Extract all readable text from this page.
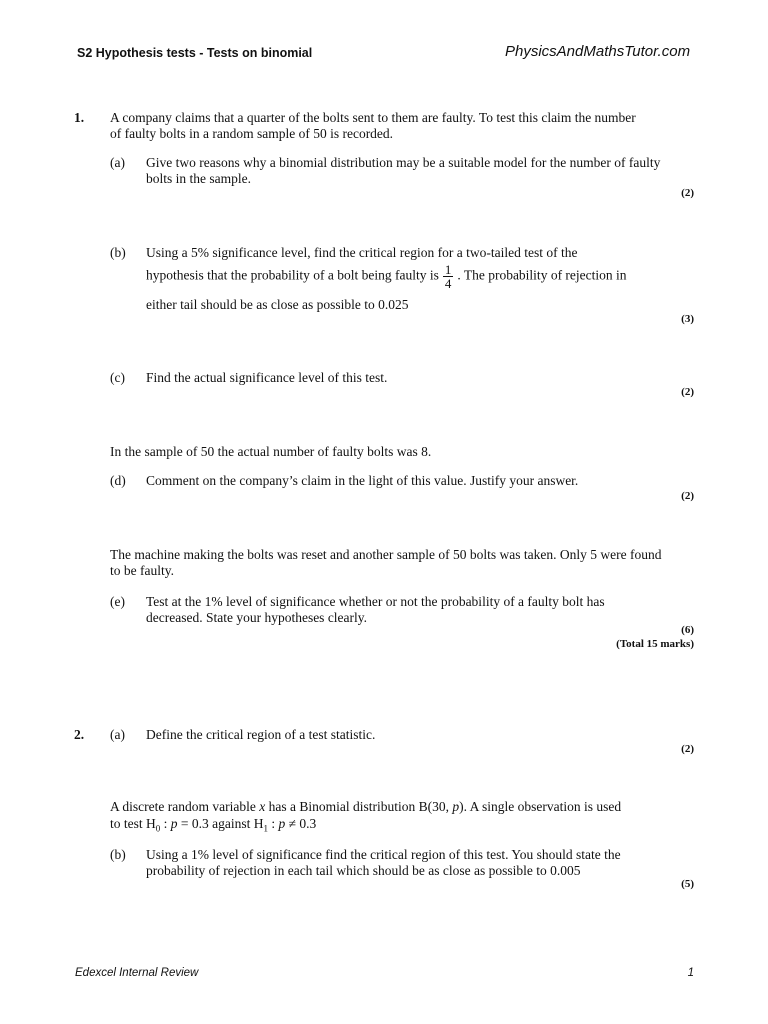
S2 Hypothesis tests - Tests on binomial	PhysicsAndMathsTutor.com
1. A company claims that a quarter of the bolts sent to them are faulty. To test this claim the number of faulty bolts in a random sample of 50 is recorded.
(a) Give two reasons why a binomial distribution may be a suitable model for the number of faulty bolts in the sample.
(2)
(b) Using a 5% significance level, find the critical region for a two-tailed test of the
hypothesis that the probability of a bolt being faulty is $\frac{1}{4}$ . The probability of rejection in
either tail should be as close as possible to 0.025
(3)
(c) Find the actual significance level of this test.
(2)
In the sample of 50 the actual number of faulty bolts was 8.
(d) Comment on the company’s claim in the light of this value. Justify your answer.
(2)
The machine making the bolts was reset and another sample of 50 bolts was taken. Only 5 were found to be faulty.
(e) Test at the 1% level of significance whether or not the probability of a faulty bolt has decreased. State your hypotheses clearly.
(6)
(Total 15 marks)
2. (a) Define the critical region of a test statistic.
(2)
A discrete random variable x has a Binomial distribution B(30, p). A single observation is used
to test $H_0$ : p = 0.3 against $H_1$ : p ≠ 0.3
(b) Using a 1% level of significance find the critical region of this test. You should state the probability of rejection in each tail which should be as close as possible to 0.005
(5)
Edexcel Internal Review	1
